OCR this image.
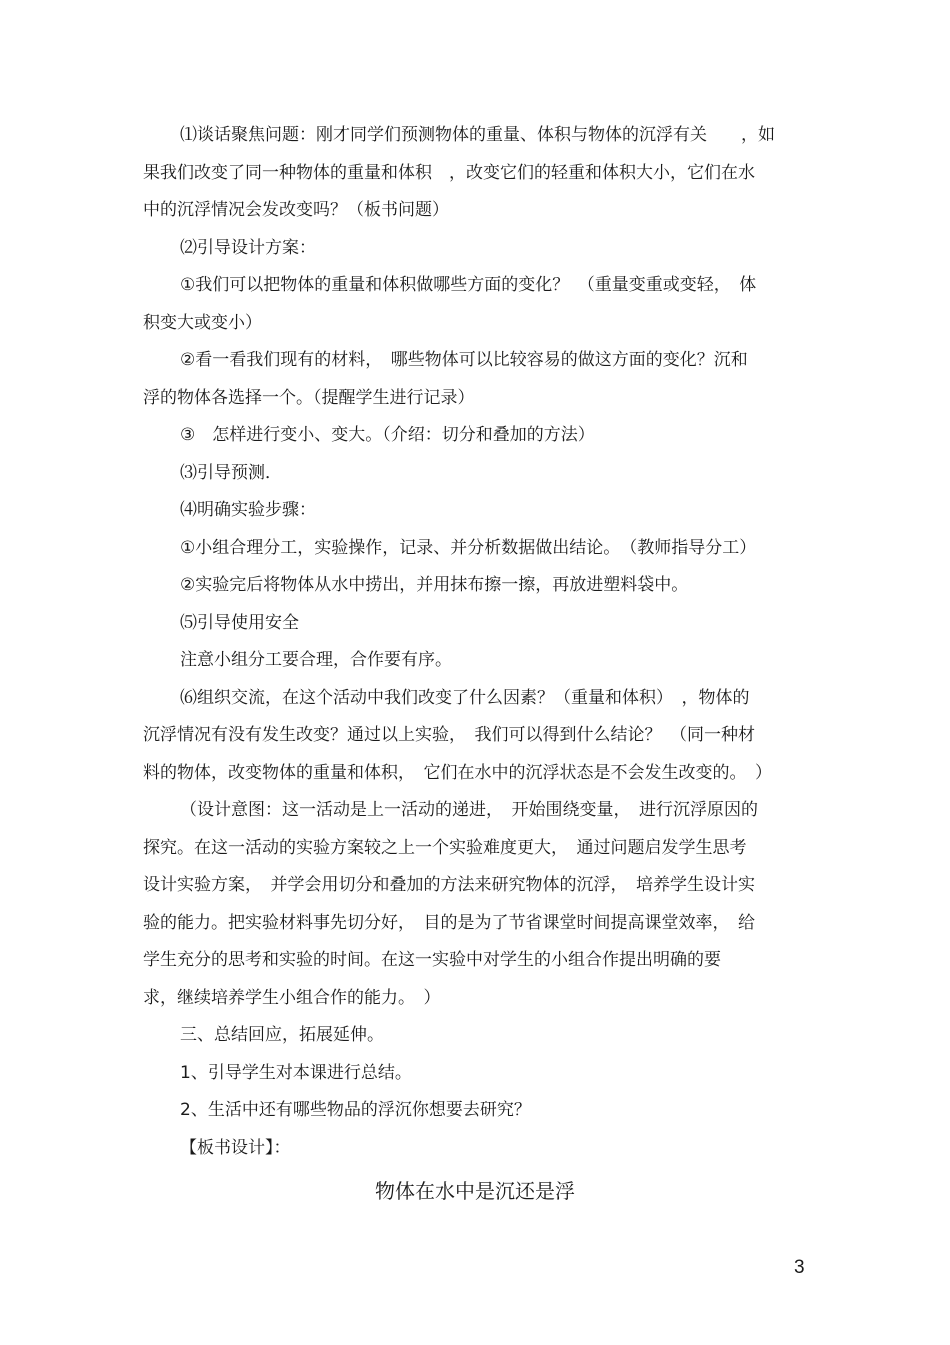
⑴谈话聚焦问题：刚才同学们预测物体的重量、体积与物体的沉浮有关　　，如
果我们改变了同一种物体的重量和体积　，改变它们的轻重和体积大小，它们在水
中的沉浮情况会发改变吗？（板书问题）
⑵引导设计方案：
①我们可以把物体的重量和体积做哪些方面的变化？　（重量变重或变轻，　体
积变大或变小）
②看一看我们现有的材料，　哪些物体可以比较容易的做这方面的变化？沉和
浮的物体各选择一个。（提醒学生进行记录）
③　怎样进行变小、变大。（介绍：切分和叠加的方法）
⑶引导预测．
⑷明确实验步骤：
①小组合理分工，实验操作，记录、并分析数据做出结论。　（教师指导分工）
②实验完后将物体从水中捞出，并用抹布擦一擦，再放进塑料袋中。
⑸引导使用安全
注意小组分工要合理，合作要有序。
⑹组织交流，在这个活动中我们改变了什么因素？（重量和体积）　，物体的
沉浮情况有没有发生改变？通过以上实验，　我们可以得到什么结论？　（同一种材
料的物体，改变物体的重量和体积，　它们在水中的沉浮状态是不会发生改变的。　）
（设计意图：这一活动是上一活动的递进，　开始围绕变量，　进行沉浮原因的
探究。在这一活动的实验方案较之上一个实验难度更大，　通过问题启发学生思考
设计实验方案，　并学会用切分和叠加的方法来研究物体的沉浮，　培养学生设计实
验的能力。把实验材料事先切分好，　目的是为了节省课堂时间提高课堂效率，　给
学生充分的思考和实验的时间。在这一实验中对学生的小组合作提出明确的要
求，继续培养学生小组合作的能力。　）
三、总结回应，拓展延伸。
1、引导学生对本课进行总结。
2、生活中还有哪些物品的浮沉你想要去研究？
【板书设计】：
物体在水中是沉还是浮
3
